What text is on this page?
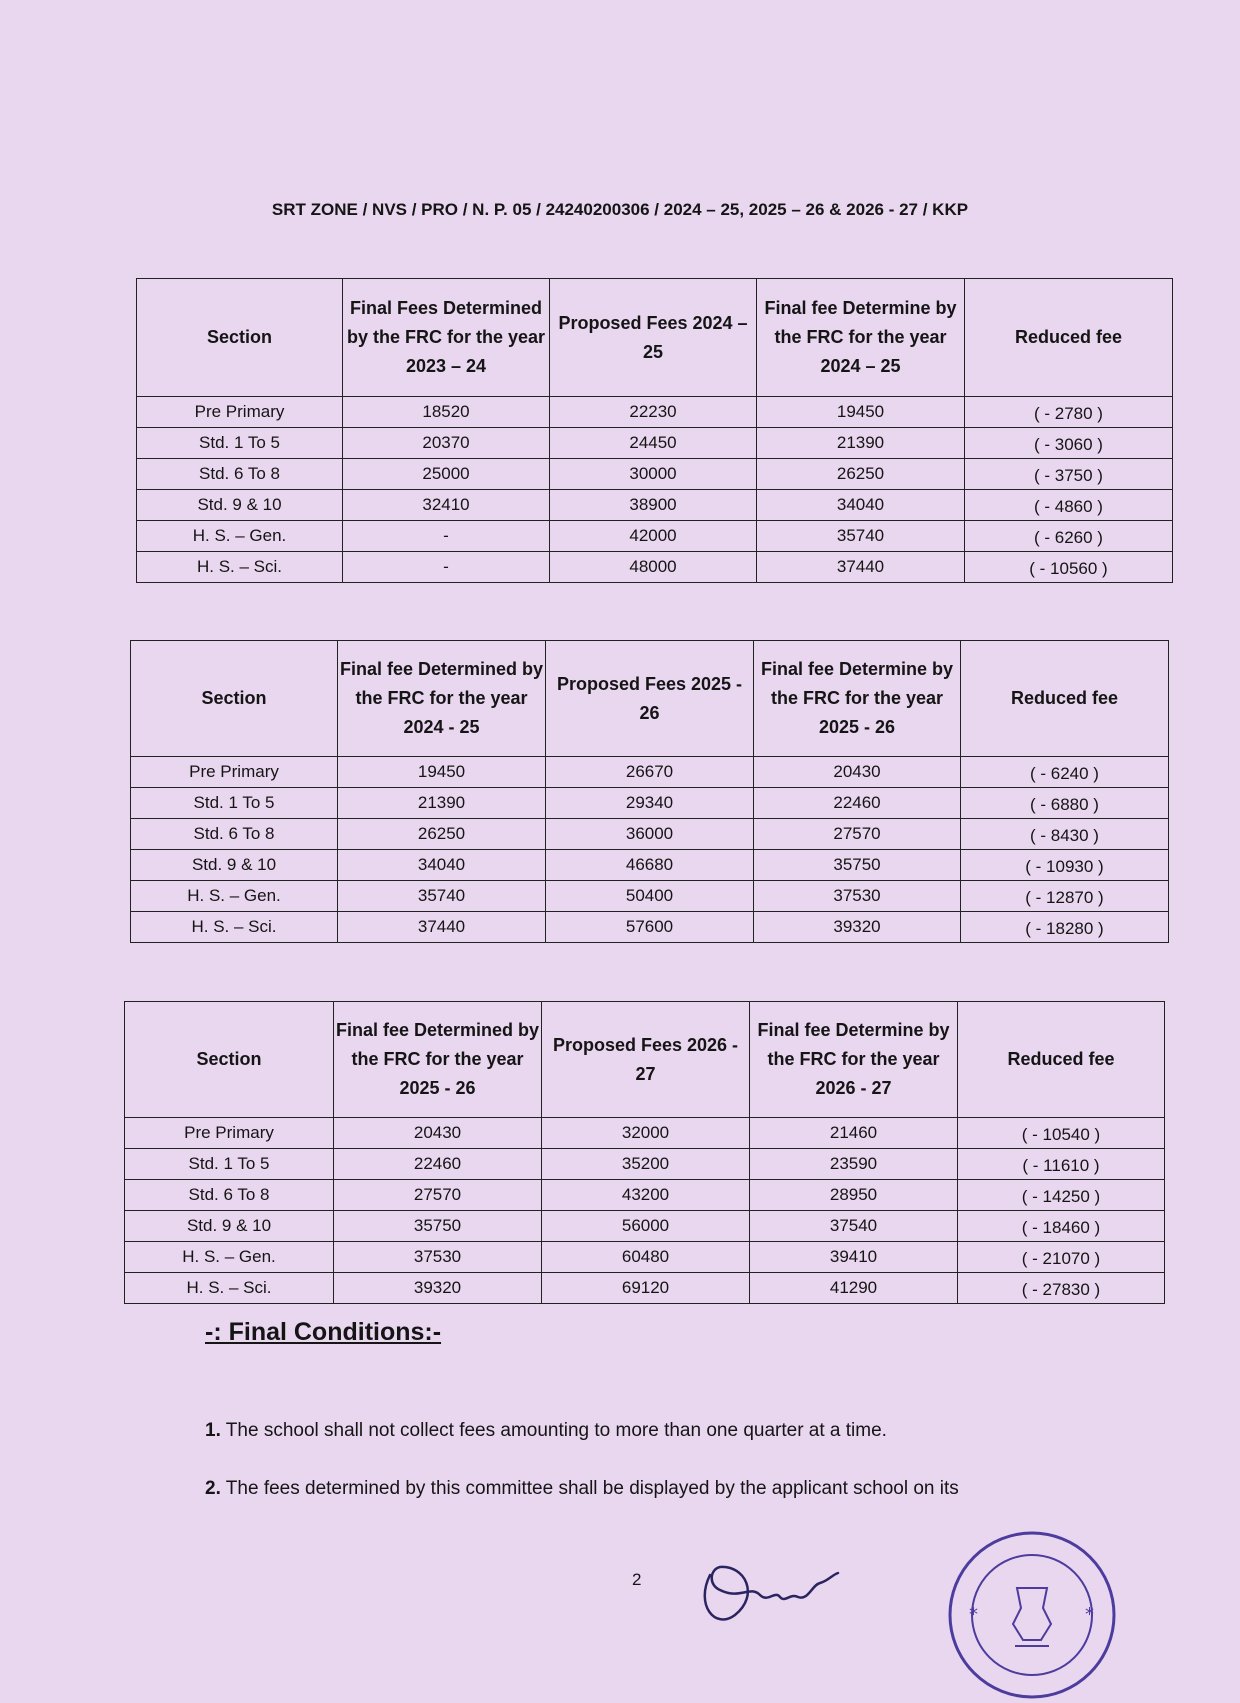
SRT ZONE / NVS / PRO / N. P. 05 / 24240200306 / 2024 – 25, 2025 – 26 & 2026 - 27 / KKP
Section	Final Fees Determined by the FRC for the year 2023 – 24	Proposed Fees 2024 – 25	Final fee Determine by the FRC for the year 2024 – 25	Reduced fee
Pre Primary	18520	22230	19450	( - 2780 )
Std. 1 To 5	20370	24450	21390	( - 3060 )
Std. 6 To 8	25000	30000	26250	( - 3750 )
Std. 9 & 10	32410	38900	34040	( - 4860 )
H. S. – Gen.	-	42000	35740	( - 6260 )
H. S. – Sci.	-	48000	37440	( - 10560 )
Section	Final fee Determined by the FRC for the year 2024 - 25	Proposed Fees 2025 - 26	Final fee Determine by the FRC for the year 2025 - 26	Reduced fee
Pre Primary	19450	26670	20430	( - 6240 )
Std. 1 To 5	21390	29340	22460	( - 6880 )
Std. 6 To 8	26250	36000	27570	( - 8430 )
Std. 9 & 10	34040	46680	35750	( - 10930 )
H. S. – Gen.	35740	50400	37530	( - 12870 )
H. S. – Sci.	37440	57600	39320	( - 18280 )
Section	Final fee Determined by the FRC for the year 2025 - 26	Proposed Fees 2026 - 27	Final fee Determine by the FRC for the year 2026 - 27	Reduced fee
Pre Primary	20430	32000	21460	( - 10540 )
Std. 1 To 5	22460	35200	23590	( - 11610 )
Std. 6 To 8	27570	43200	28950	( - 14250 )
Std. 9 & 10	35750	56000	37540	( - 18460 )
H. S. – Gen.	37530	60480	39410	( - 21070 )
H. S. – Sci.	39320	69120	41290	( - 27830 )
-: Final Conditions:-
1. The school shall not collect fees amounting to more than one quarter at a time.
2. The fees determined by this committee shall be displayed by the applicant school on its
2
*	*
